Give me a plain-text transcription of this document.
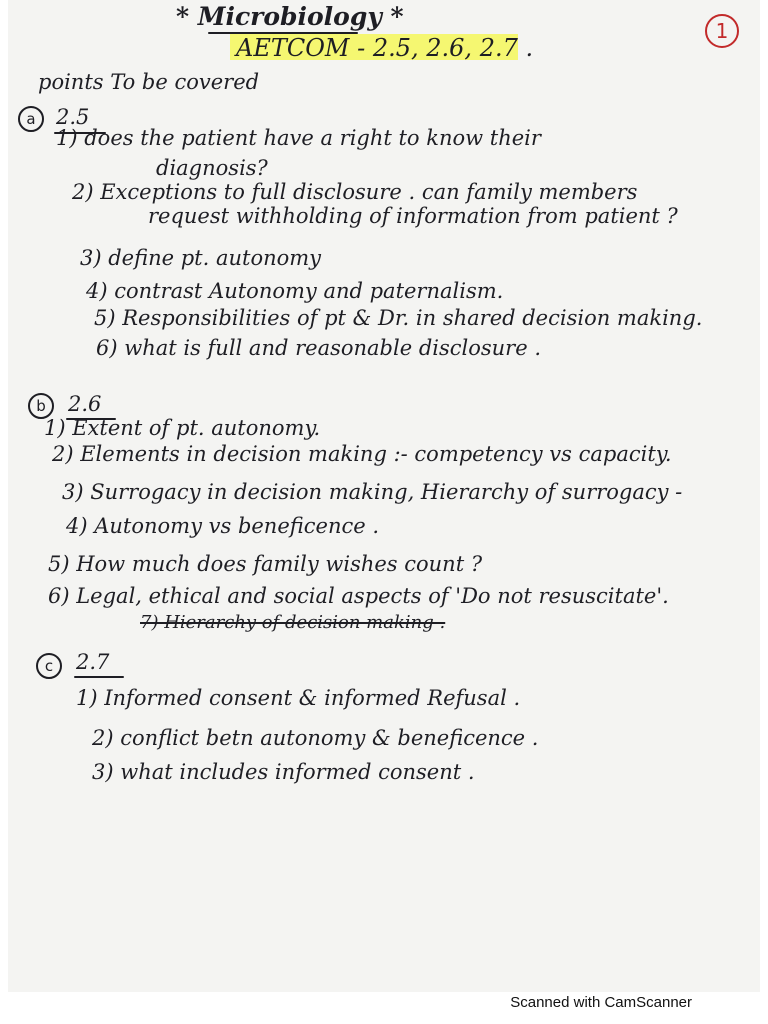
* Microbiology *
AETCOM - 2.5, 2.6, 2.7 .
1
points To be covered
a 2.5
1) does the patient have a right to know their
diagnosis?
2) Exceptions to full disclosure . can family members
request withholding of information from patient ?
3) define pt. autonomy
4) contrast Autonomy and paternalism.
5) Responsibilities of pt & Dr. in shared decision making.
6) what is full and reasonable disclosure .
b	2.6
1) Extent of pt. autonomy.
2) Elements in decision making :- competency vs capacity.
3) Surrogacy in decision making, Hierarchy of surrogacy -
4) Autonomy vs beneficence .
5) How much does family wishes count ?
6) Legal, ethical and social aspects of 'Do not resuscitate'.
7) Hierarchy of decision making .
c	2.7
1) Informed consent & informed Refusal .
2) conflict betn autonomy & beneficence .
3) what includes informed consent .
Scanned with CamScanner
